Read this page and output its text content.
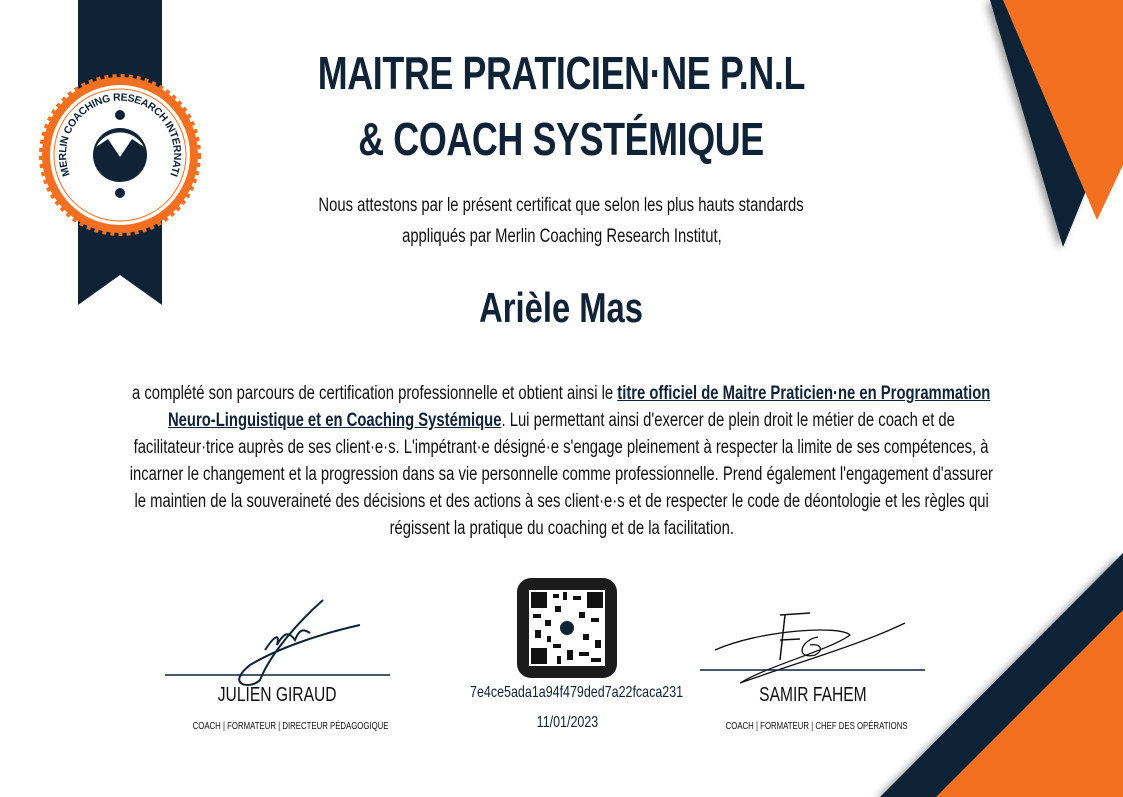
MERLIN COACHING RESEARCH INTERNATI
MAITRE PRATICIEN·NE P.N.L
& COACH SYSTÉMIQUE
Nous attestons par le présent certificat que selon les plus hauts standards
appliqués par Merlin Coaching Research Institut,
Arièle Mas
a complété son parcours de certification professionnelle et obtient ainsi le titre officiel de Maitre Praticien·ne en Programmation
Neuro-Linguistique et en Coaching Systémique. Lui permettant ainsi d'exercer de plein droit le métier de coach et de
facilitateur·trice auprès de ses client·e·s. L'impétrant·e désigné·e s'engage pleinement à respecter la limite de ses compétences, à
incarner le changement et la progression dans sa vie personnelle comme professionnelle. Prend également l'engagement d'assurer
le maintien de la souveraineté des décisions et des actions à ses client·e·s et de respecter le code de déontologie et les règles qui
régissent la pratique du coaching et de la facilitation.
JULIEN GIRAUD
COACH | FORMATEUR | DIRECTEUR PÉDAGOGIQUE
7e4ce5ada1a94f479ded7a22fcaca231
11/01/2023
SAMIR FAHEM
COACH | FORMATEUR | CHEF DES OPÉRATIONS
